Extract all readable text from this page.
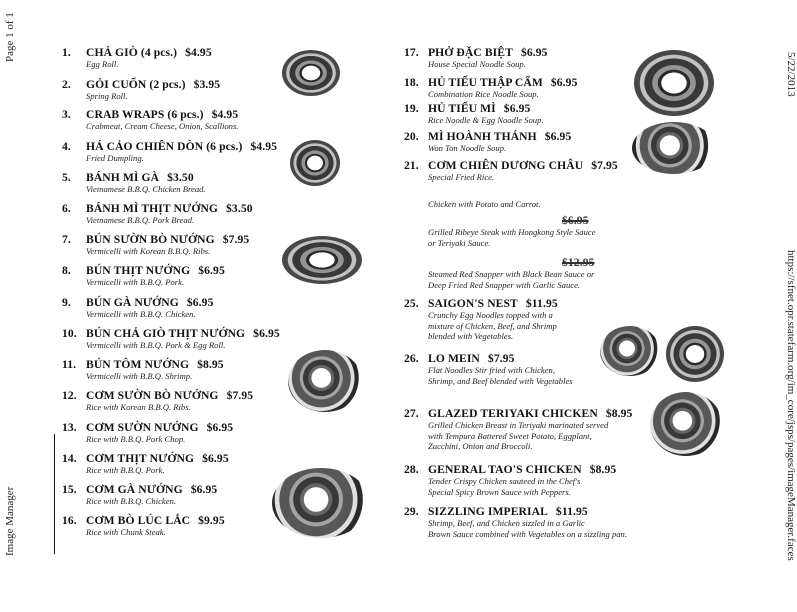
Page 1 of 1
Image Manager	https://sfnet.opr.statefarm.org/im_core/jsps/pages/imageManager.faces
5/22/2013
1. CHẢ GIÒ (4 pcs.) $4.95
Egg Roll.
2. GỎI CUỐN (2 pcs.) $3.95
Spring Roll.
3. CRAB WRAPS (6 pcs.) $4.95
Crabmeat, Cream Cheese, Onion, Scallions.
4. HÁ CẢO CHIÊN DÒN (6 pcs.) $4.95
Fried Dumpling.
5. BÁNH MÌ GÀ $3.50
Vietnamese B.B.Q. Chicken Bread.
6. BÁNH MÌ THỊT NƯỚNG $3.50
Vietnamese B.B.Q. Pork Bread.
7. BÚN SƯỜN BÒ NƯỚNG $7.95
Vermicelli with Korean B.B.Q. Ribs.
8. BÚN THỊT NƯỚNG $6.95
Vermicelli with B.B.Q. Pork.
9. BÚN GÀ NƯỚNG $6.95
Vermicelli with B.B.Q. Chicken.
10. BÚN CHẢ GIÒ THỊT NƯỚNG $6.95
Vermicelli with B.B.Q. Pork & Egg Roll.
11. BÚN TÔM NƯỚNG $8.95
Vermicelli with B.B.Q. Shrimp.
12. CƠM SƯỜN BÒ NƯỚNG $7.95
Rice with Korean B.B.Q. Ribs.
13. CƠM SƯỜN NƯỚNG $6.95
Rice with B.B.Q. Pork Chop.
14. CƠM THỊT NƯỚNG $6.95
Rice with B.B.Q. Pork.
15. CƠM GÀ NƯỚNG $6.95
Rice with B.B.Q. Chicken.
16. CƠM BÒ LÚC LẮC $9.95
Rice with Chunk Steak.
17. PHỞ ĐẶC BIỆT $6.95
House Special Noodle Soup.
18. HỦ TIẾU THẬP CẨM $6.95
Combination Rice Noodle Soup.
19. HỦ TIẾU MÌ $6.95
Rice Noodle & Egg Noodle Soup.
20. MÌ HOÀNH THÁNH $6.95
Won Ton Noodle Soup.
21. CƠM CHIÊN DƯƠNG CHÂU $7.95
Special Fried Rice.
Chicken with Potato and Carrot.
$6.95
Grilled Ribeye Steak with Hongkong Style Sauce
or Teriyaki Sauce.
$12.95
Steamed Red Snapper with Black Bean Sauce or
Deep Fried Red Snapper with Garlic Sauce.
25. SAIGON'S NEST $11.95
Crunchy Egg Noodles topped with a
mixture of Chicken, Beef, and Shrimp
blended with Vegetables.
26. LO MEIN $7.95
Flat Noodles Stir fried with Chicken,
Shrimp, and Beef blended with Vegetables
27. GLAZED TERIYAKI CHICKEN $8.95
Grilled Chicken Breast in Teriyaki marinated served
with Tempura Battered Sweet Potato, Eggplant,
Zucchini, Onion and Broccoli.
28. GENERAL TAO'S CHICKEN $8.95
Tender Crispy Chicken sauteed in the Chef's
Special Spicy Brown Sauce with Peppers.
29. SIZZLING IMPERIAL $11.95
Shrimp, Beef, and Chicken sizzled in a Garlic
Brown Sauce combined with Vegetables on a sizzling pan.
